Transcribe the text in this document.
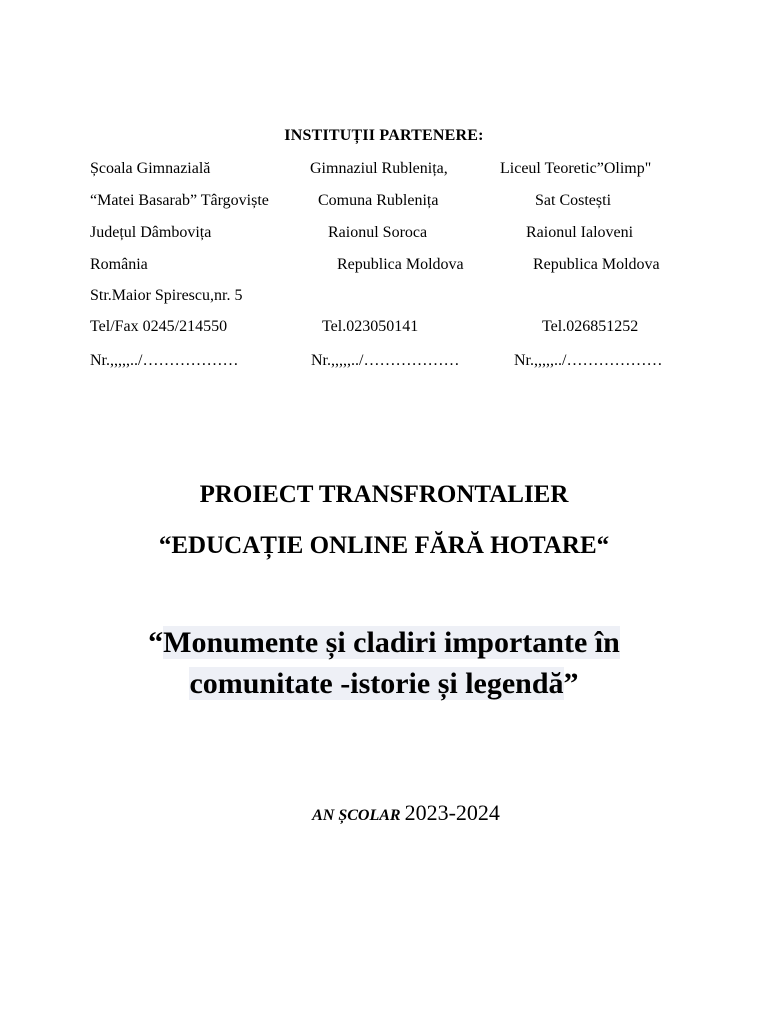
INSTITUȚII PARTENERE:
Școala Gimnazială
“Matei Basarab” Târgoviște
Județul Dâmbovița
România
Str.Maior Spirescu,nr. 5
Tel/Fax 0245/214550
Nr.,,,,,../………………
Gimnaziul Rublenița,
Comuna Rublenița
Raionul Soroca
Republica Moldova
Tel.023050141
Nr.,,,,,../………………
Liceul Teoretic”Olimp"
Sat Costești
Raionul Ialoveni
Republica Moldova
Tel.026851252
Nr.,,,,,../………………
PROIECT TRANSFRONTALIER
“EDUCAȚIE ONLINE FĂRĂ HOTARE“
“Monumente și cladiri importante în
comunitate -istorie și legendă”
AN ȘCOLAR 2023-2024
